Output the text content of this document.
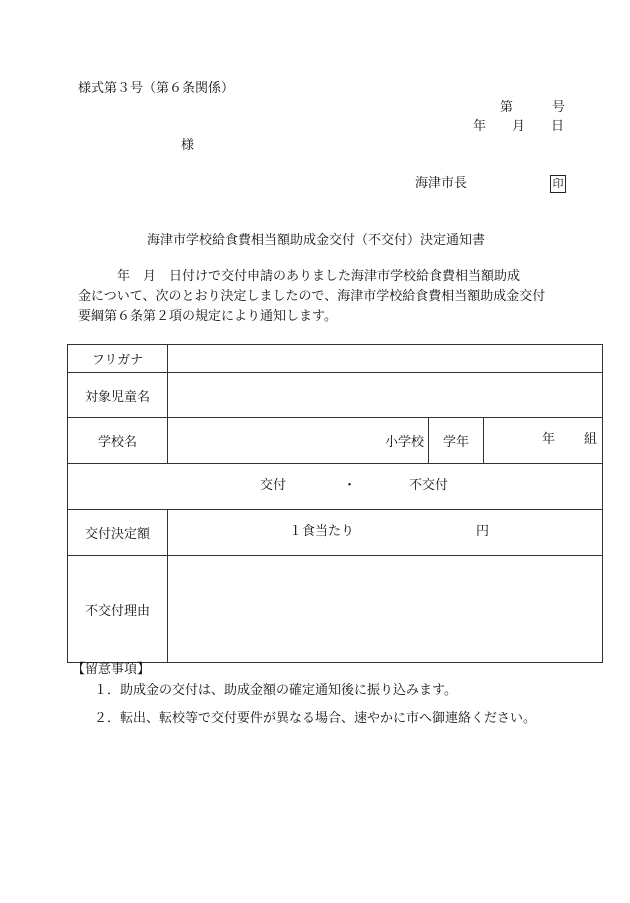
様式第３号（第６条関係）
第　　　号
年　　月　　日
様
海津市長	印
海津市学校給食費相当額助成金交付（不交付）決定通知書
　　　年　月　日付けで交付申請のありました海津市学校給食費相当額助成
金について、次のとおり決定しましたので、海津市学校給食費相当額助成金交付
要綱第６条第２項の規定により通知します。
フリガナ	
対象児童名	
学校名	小学校 学年 年 組

交付 ・ 不交付	

交付決定額	１食当たり 円

不交付理由	
【留意事項】
１．助成金の交付は、助成金額の確定通知後に振り込みます。
２．転出、転校等で交付要件が異なる場合、速やかに市へ御連絡ください。
